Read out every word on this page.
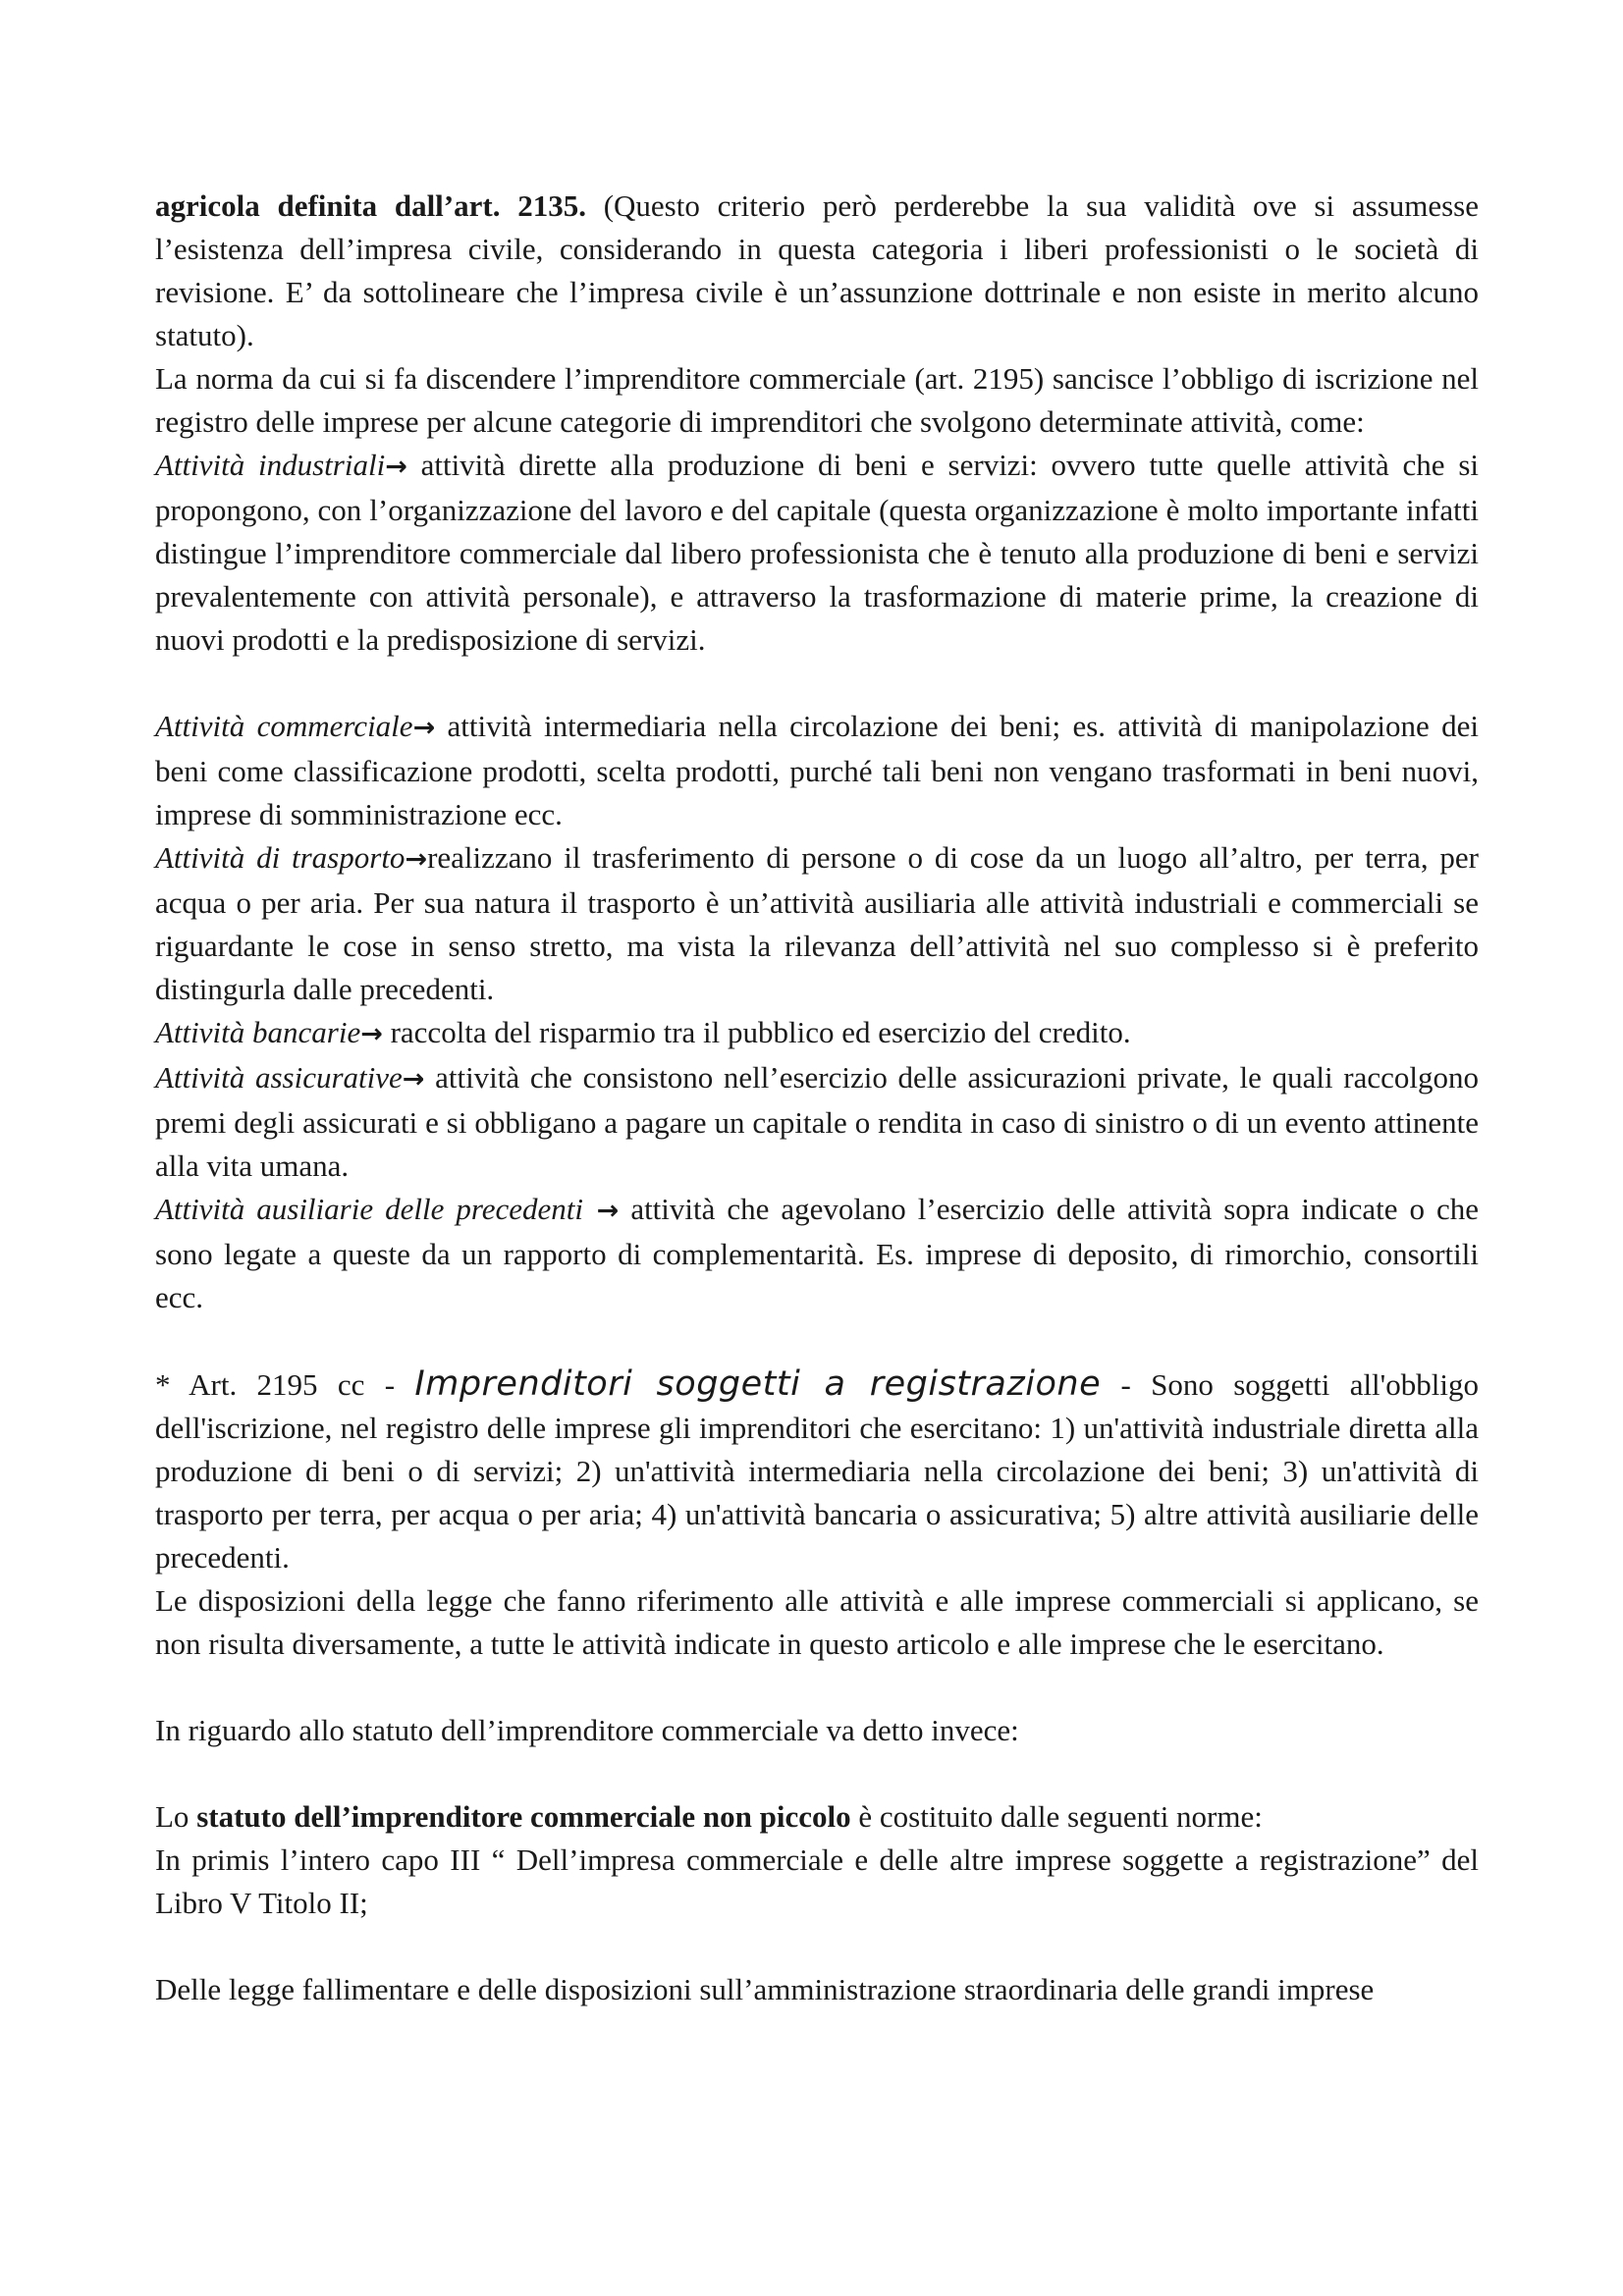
agricola definita dall’art. 2135. (Questo criterio però perderebbe la sua validità ove si assumesse l’esistenza dell’impresa civile, considerando in questa categoria i liberi professionisti o le società di revisione. E’ da sottolineare che l’impresa civile è un’assunzione dottrinale e non esiste in merito alcuno statuto).

La norma da cui si fa discendere l’imprenditore commerciale (art. 2195) sancisce l’obbligo di iscrizione nel registro delle imprese per alcune categorie di imprenditori che svolgono determinate attività, come:

Attività industriali→ attività dirette alla produzione di beni e servizi: ovvero tutte quelle attività che si propongono, con l’organizzazione del lavoro e del capitale (questa organizzazione è molto importante infatti distingue l’imprenditore commerciale dal libero professionista che è tenuto alla produzione di beni e servizi prevalentemente con attività personale), e attraverso la trasformazione di materie prime, la creazione di nuovi prodotti e la predisposizione di servizi.

Attività commerciale→ attività intermediaria nella circolazione dei beni; es. attività di manipolazione dei beni come classificazione prodotti, scelta prodotti, purché tali beni non vengano trasformati in beni nuovi, imprese di somministrazione ecc.

Attività di trasporto→realizzano il trasferimento di persone o di cose da un luogo all’altro, per terra, per acqua o per aria. Per sua natura il trasporto è un’attività ausiliaria alle attività industriali e commerciali se riguardante le cose in senso stretto, ma vista la rilevanza dell’attività nel suo complesso si è preferito distingurla dalle precedenti.

Attività bancarie→ raccolta del risparmio tra il pubblico ed esercizio del credito.

Attività assicurative→ attività che consistono nell’esercizio delle assicurazioni private, le quali raccolgono premi degli assicurati e si obbligano a pagare un capitale o rendita in caso di sinistro o di un evento attinente alla vita umana.

Attività ausiliarie delle precedenti → attività che agevolano l’esercizio delle attività sopra indicate o che sono legate a queste da un rapporto di complementarità. Es. imprese di deposito, di rimorchio, consortili ecc.

* Art. 2195 cc - Imprenditori soggetti a registrazione - Sono soggetti all'obbligo dell'iscrizione, nel registro delle imprese gli imprenditori che esercitano: 1) un'attività industriale diretta alla produzione di beni o di servizi; 2) un'attività intermediaria nella circolazione dei beni; 3) un'attività di trasporto per terra, per acqua o per aria; 4) un'attività bancaria o assicurativa; 5) altre attività ausiliarie delle precedenti.

Le disposizioni della legge che fanno riferimento alle attività e alle imprese commerciali si applicano, se non risulta diversamente, a tutte le attività indicate in questo articolo e alle imprese che le esercitano.

In riguardo allo statuto dell’imprenditore commerciale va detto invece:

Lo statuto dell’imprenditore commerciale non piccolo è costituito dalle seguenti norme:

In primis l’intero capo III “ Dell’impresa commerciale e delle altre imprese soggette a registrazione” del Libro V Titolo II;

Delle legge fallimentare e delle disposizioni sull’amministrazione straordinaria delle grandi imprese
